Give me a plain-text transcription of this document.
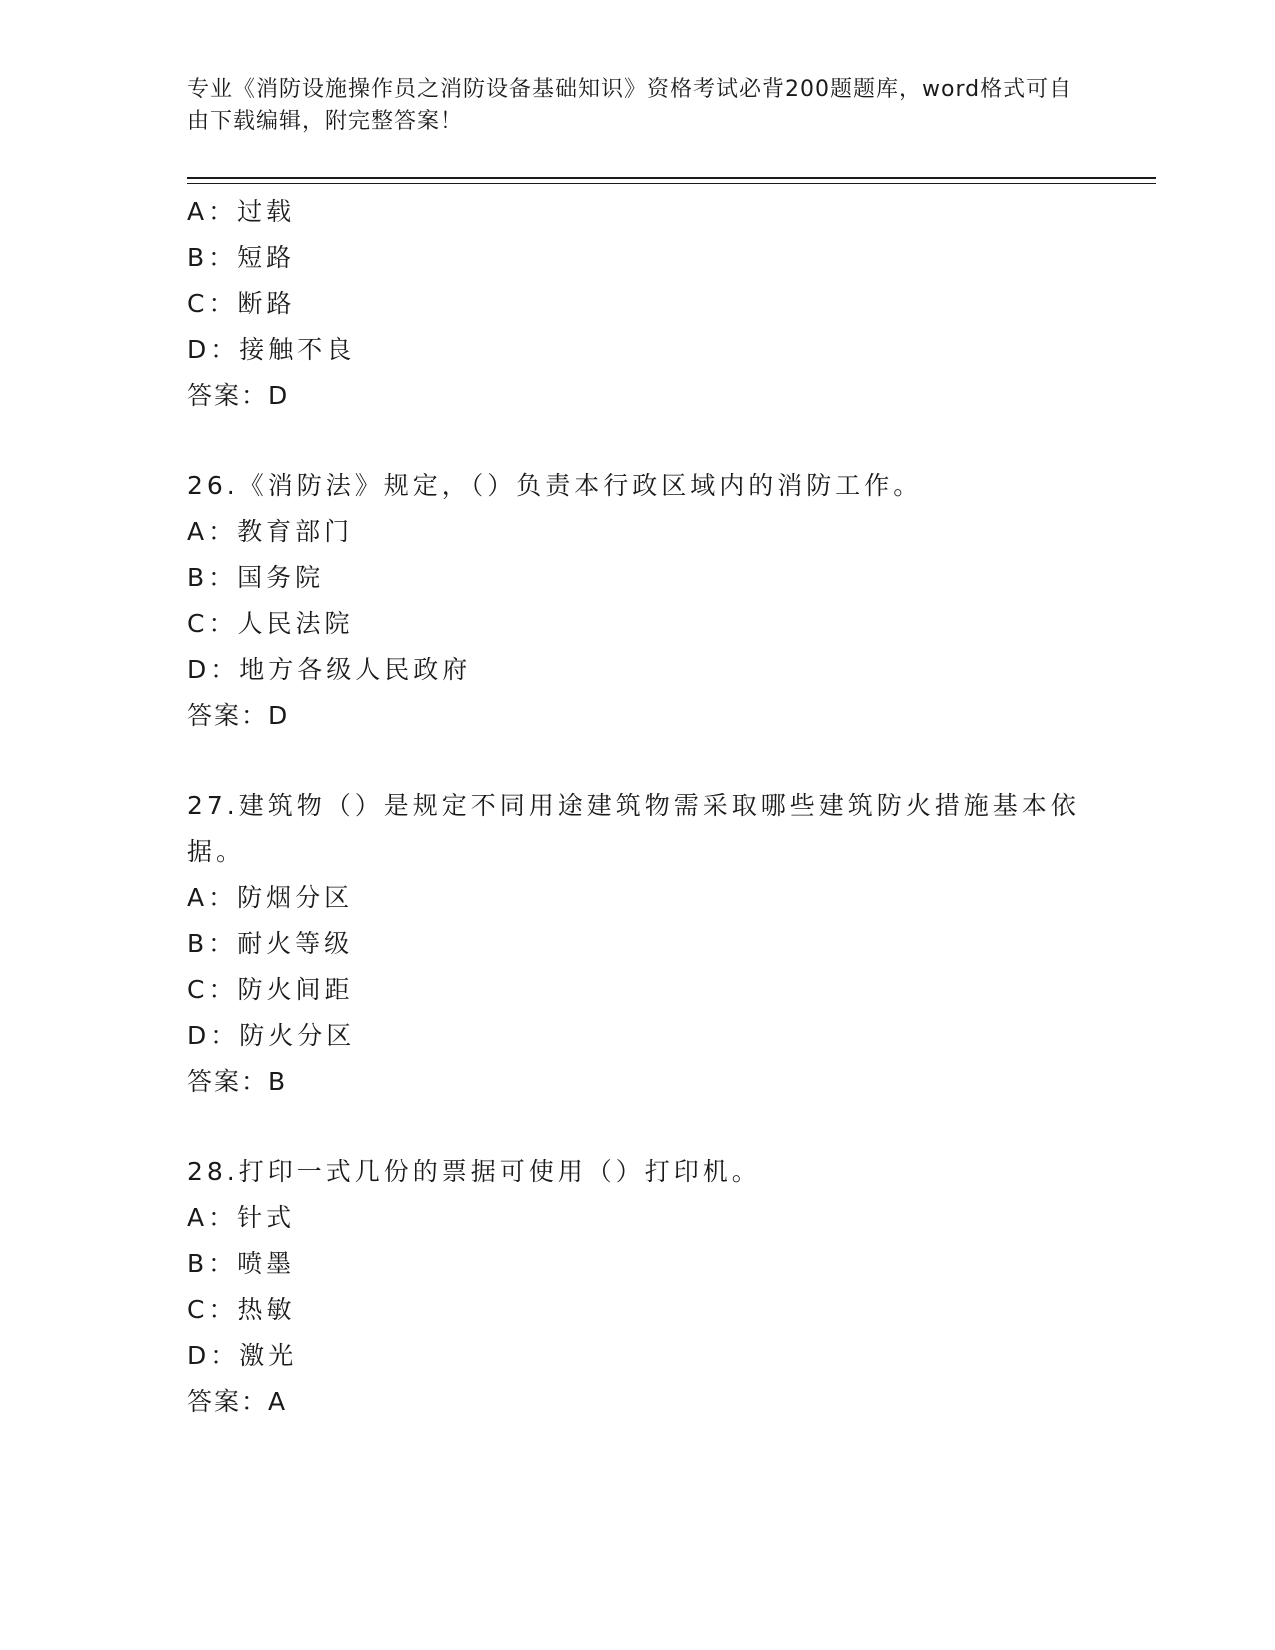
专业《消防设施操作员之消防设备基础知识》资格考试必背200题题库，word格式可自由下载编辑，附完整答案！
A：过载
B：短路
C：断路
D：接触不良
答案：D
26.《消防法》规定，（）负责本行政区域内的消防工作。
A：教育部门
B：国务院
C：人民法院
D：地方各级人民政府
答案：D
27.建筑物（）是规定不同用途建筑物需采取哪些建筑防火措施基本依据。
A：防烟分区
B：耐火等级
C：防火间距
D：防火分区
答案：B
28.打印一式几份的票据可使用（）打印机。
A：针式
B：喷墨
C：热敏
D：激光
答案：A
